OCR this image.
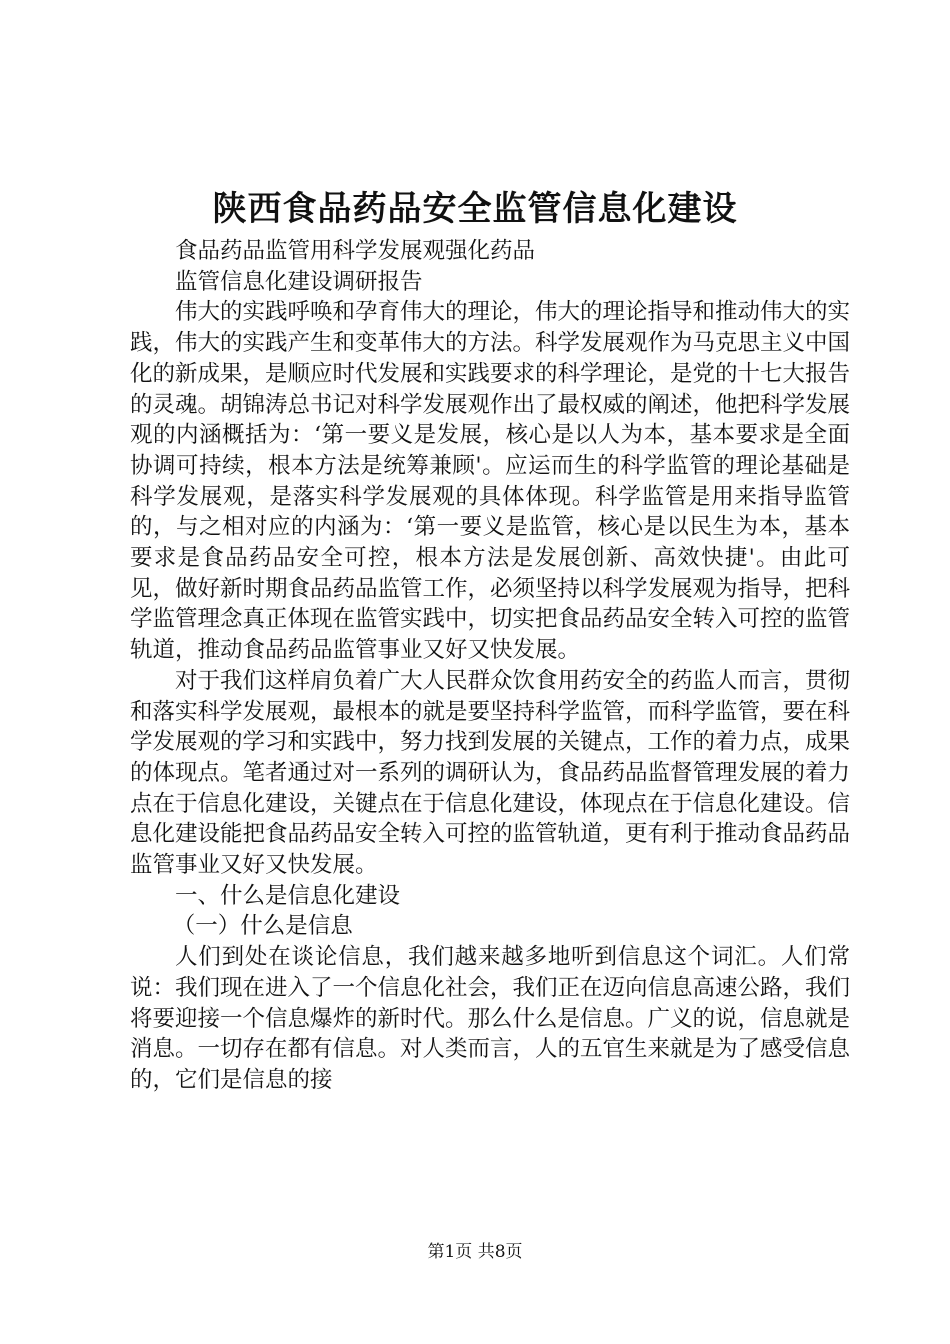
陕西食品药品安全监管信息化建设

食品药品监管用科学发展观强化药品

监管信息化建设调研报告

伟大的实践呼唤和孕育伟大的理论，伟大的理论指导和推动伟大的实践，伟大的实践产生和变革伟大的方法。科学发展观作为马克思主义中国化的新成果，是顺应时代发展和实践要求的科学理论，是党的十七大报告的灵魂。胡锦涛总书记对科学发展观作出了最权威的阐述，他把科学发展观的内涵概括为：‘第一要义是发展，核心是以人为本，基本要求是全面协调可持续，根本方法是统筹兼顾'。应运而生的科学监管的理论基础是科学发展观，是落实科学发展观的具体体现。科学监管是用来指导监管的，与之相对应的内涵为：‘第一要义是监管，核心是以民生为本，基本要求是食品药品安全可控，根本方法是发展创新、高效快捷'。由此可见，做好新时期食品药品监管工作，必须坚持以科学发展观为指导，把科学监管理念真正体现在监管实践中，切实把食品药品安全转入可控的监管轨道，推动食品药品监管事业又好又快发展。

对于我们这样肩负着广大人民群众饮食用药安全的药监人而言，贯彻和落实科学发展观，最根本的就是要坚持科学监管，而科学监管，要在科学发展观的学习和实践中，努力找到发展的关键点，工作的着力点，成果的体现点。笔者通过对一系列的调研认为，食品药品监督管理发展的着力点在于信息化建设，关键点在于信息化建设，体现点在于信息化建设。信息化建设能把食品药品安全转入可控的监管轨道，更有利于推动食品药品监管事业又好又快发展。

一、什么是信息化建设

（一）什么是信息

人们到处在谈论信息，我们越来越多地听到信息这个词汇。人们常说：我们现在进入了一个信息化社会，我们正在迈向信息高速公路，我们将要迎接一个信息爆炸的新时代。那么什么是信息。广义的说，信息就是消息。一切存在都有信息。对人类而言，人的五官生来就是为了感受信息的，它们是信息的接

第1页 共8页
